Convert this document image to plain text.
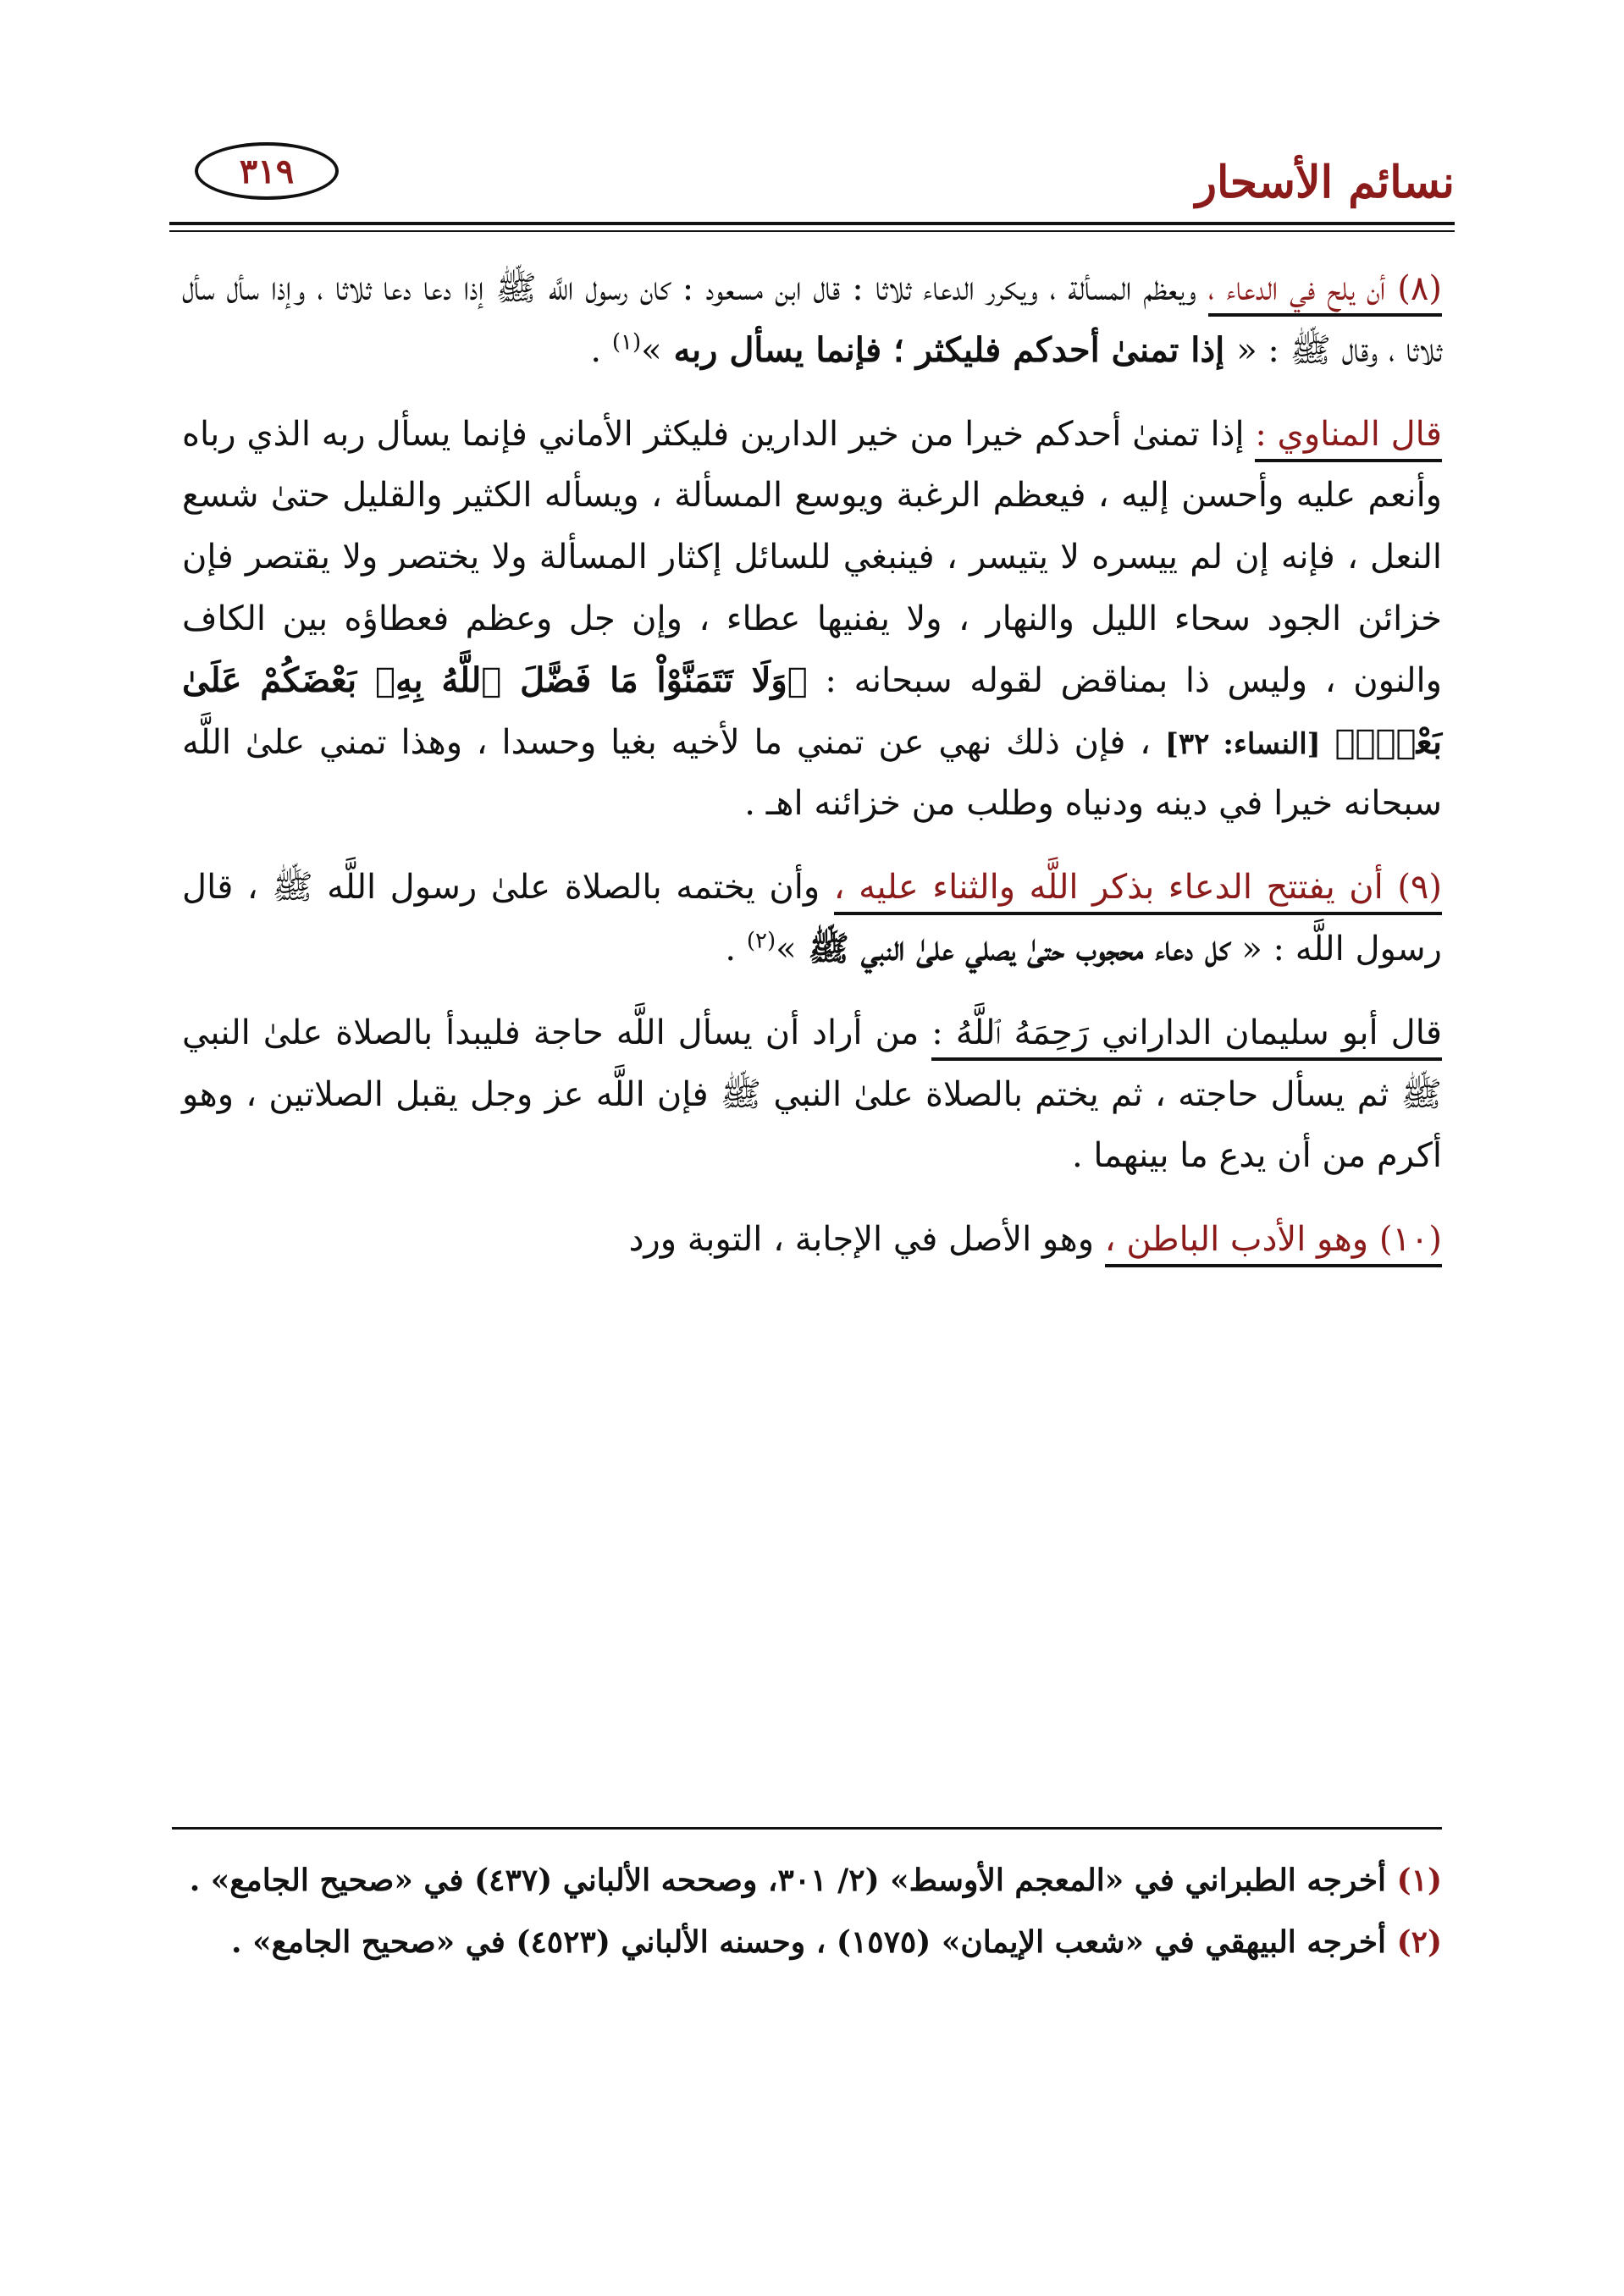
نسائم الأسحار
٣١٩

(٨) أن يلح في الدعاء ، ويعظم المسألة ، ويكرر الدعاء ثلاثا : قال ابن مسعود : كان رسول اللَّه ﷺ إذا دعا دعا ثلاثا ، وإذا سأل سأل ثلاثا ، وقال ﷺ : « إذا تمنىٰ أحدكم فليكثر ؛ فإنما يسأل ربه »$^{(١)}$ .

قال المناوي : إذا تمنىٰ أحدكم خيرا من خير الدارين فليكثر الأماني فإنما يسأل ربه الذي رباه وأنعم عليه وأحسن إليه ، فيعظم الرغبة ويوسع المسألة ، ويسأله الكثير والقليل حتىٰ شسع النعل ، فإنه إن لم ييسره لا يتيسر ، فينبغي للسائل إكثار المسألة ولا يختصر ولا يقتصر فإن خزائن الجود سحاء الليل والنهار ، ولا يفنيها عطاء ، وإن جل وعظم فعطاؤه بين الكاف والنون ، وليس ذا بمناقض لقوله سبحانه : ﴿وَلَا تَتَمَنَّوْاْ مَا فَضَّلَ ٱللَّهُ بِهِۦ بَعْضَكُمْ عَلَىٰ بَعْضٍۚ﴾ [النساء: ٣٢] ، فإن ذلك نهي عن تمني ما لأخيه بغيا وحسدا ، وهذا تمني علىٰ اللَّه سبحانه خيرا في دينه ودنياه وطلب من خزائنه اهـ .

(٩) أن يفتتح الدعاء بذكر اللَّه والثناء عليه ، وأن يختمه بالصلاة علىٰ رسول اللَّه ﷺ ، قال رسول اللَّه : « كل دعاء محجوب حتىٰ يصلي علىٰ النبي ﷺ »$^{(٢)}$ .

قال أبو سليمان الداراني رَحِمَهُ ٱللَّهُ : من أراد أن يسأل اللَّه حاجة فليبدأ بالصلاة علىٰ النبي ﷺ ثم يسأل حاجته ، ثم يختم بالصلاة علىٰ النبي ﷺ فإن اللَّه عز وجل يقبل الصلاتين ، وهو أكرم من أن يدع ما بينهما .

(١٠) وهو الأدب الباطن ، وهو الأصل في الإجابة ، التوبة ورد

(١) أخرجه الطبراني في «المعجم الأوسط» (٢/ ٣٠١، وصححه الألباني (٤٣٧) في «صحيح الجامع» .

(٢) أخرجه البيهقي في «شعب الإيمان» (١٥٧٥) ، وحسنه الألباني (٤٥٢٣) في «صحيح الجامع» .
